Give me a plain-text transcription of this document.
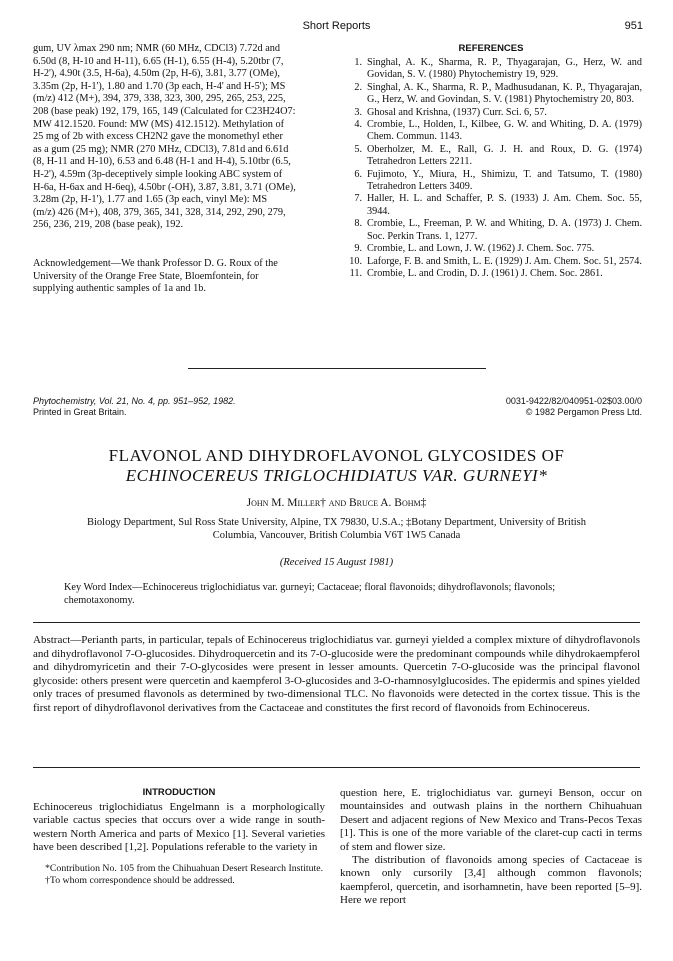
Short Reports	951
gum, UV λmax 290 nm; NMR (60 MHz, CDCl3) 7.72d and
6.50d (8, H-10 and H-11), 6.65 (H-1), 6.55 (H-4), 5.20tbr (7,
H-2'), 4.90t (3.5, H-6a), 4.50m (2p, H-6), 3.81, 3.77 (OMe),
3.35m (2p, H-1'), 1.80 and 1.70 (3p each, H-4' and H-5'); MS
(m/z) 412 (M+), 394, 379, 338, 323, 300, 295, 265, 253, 225,
208 (base peak) 192, 179, 165, 149 (Calculated for C23H24O7:
MW 412.1520. Found: MW (MS) 412.1512). Methylation of
25 mg of 2b with excess CH2N2 gave the monomethyl ether
as a gum (25 mg); NMR (270 MHz, CDCl3), 7.81d and 6.61d
(8, H-11 and H-10), 6.53 and 6.48 (H-1 and H-4), 5.10tbr (6.5,
H-2'), 4.59m (3p-deceptively simple looking ABC system of
H-6a, H-6ax and H-6eq), 4.50br (-OH), 3.87, 3.81, 3.71 (OMe),
3.28m (2p, H-1'), 1.77 and 1.65 (3p each, vinyl Me): MS
(m/z) 426 (M+), 408, 379, 365, 341, 328, 314, 292, 290, 279,
256, 236, 219, 208 (base peak), 192.
Acknowledgement—We thank Professor D. G. Roux of the
University of the Orange Free State, Bloemfontein, for
supplying authentic samples of 1a and 1b.
REFERENCES
1. Singhal, A. K., Sharma, R. P., Thyagarajan, G., Herz, W. and Govidan, S. V. (1980) Phytochemistry 19, 929.
2. Singhal, A. K., Sharma, R. P., Madhusudanan, K. P., Thyagarajan, G., Herz, W. and Govindan, S. V. (1981) Phytochemistry 20, 803.
3. Ghosal and Krishna, (1937) Curr. Sci. 6, 57.
4. Crombie, L., Holden, I., Kilbee, G. W. and Whiting, D. A. (1979) Chem. Commun. 1143.
5. Oberholzer, M. E., Rall, G. J. H. and Roux, D. G. (1974) Tetrahedron Letters 2211.
6. Fujimoto, Y., Miura, H., Shimizu, T. and Tatsumo, T. (1980) Tetrahedron Letters 3409.
7. Haller, H. L. and Schaffer, P. S. (1933) J. Am. Chem. Soc. 55, 3944.
8. Crombie, L., Freeman, P. W. and Whiting, D. A. (1973) J. Chem. Soc. Perkin Trans. 1, 1277.
9. Crombie, L. and Lown, J. W. (1962) J. Chem. Soc. 775.
10. Laforge, F. B. and Smith, L. E. (1929) J. Am. Chem. Soc. 51, 2574.
11. Crombie, L. and Crodin, D. J. (1961) J. Chem. Soc. 2861.
Phytochemistry, Vol. 21, No. 4, pp. 951–952, 1982.
Printed in Great Britain.
0031-9422/82/040951-02$03.00/0
© 1982 Pergamon Press Ltd.
FLAVONOL AND DIHYDROFLAVONOL GLYCOSIDES OF
ECHINOCEREUS TRIGLOCHIDIATUS VAR. GURNEYI*
John M. Miller† and Bruce A. Bohm‡
Biology Department, Sul Ross State University, Alpine, TX 79830, U.S.A.; ‡Botany Department, University of British
Columbia, Vancouver, British Columbia V6T 1W5 Canada
(Received 15 August 1981)
Key Word Index—Echinocereus triglochidiatus var. gurneyi; Cactaceae; floral flavonoids; dihydroflavonols; flavonols; chemotaxonomy.
Abstract—Perianth parts, in particular, tepals of Echinocereus triglochidiatus var. gurneyi yielded a complex mixture of dihydroflavonols and dihydroflavonol 7-O-glucosides. Dihydroquercetin and its 7-O-glucoside were the predominant compounds while dihydrokaempferol and dihydromyricetin and their 7-O-glycosides were present in lesser amounts. Quercetin 7-O-glucoside was the principal flavonol glycoside: others present were quercetin and kaempferol 3-O-glucosides and 3-O-rhamnosylglucosides. The epidermis and spines yielded only traces of presumed flavonols as determined by two-dimensional TLC. No flavonoids were detected in the cortex tissue. This is the first report of dihydroflavonol derivatives from the Cactaceae and constitutes the first record of flavonoids from Echinocereus.
INTRODUCTION
Echinocereus triglochidiatus Engelmann is a morphologically variable cactus species that occurs over a wide range in south-western North America and parts of Mexico [1]. Several varieties have been described [1,2]. Populations referable to the variety in
*Contribution No. 105 from the Chihuahuan Desert Research Institute.
†To whom correspondence should be addressed.
question here, E. triglochidiatus var. gurneyi Benson, occur on mountainsides and outwash plains in the northern Chihuahuan Desert and adjacent regions of New Mexico and Trans-Pecos Texas [1]. This is one of the more variable of the claret-cup cacti in terms of stem and flower size.
The distribution of flavonoids among species of Cactaceae is known only cursorily [3,4] although common flavonols; kaempferol, quercetin, and isorhamnetin, have been reported [5–9]. Here we report
